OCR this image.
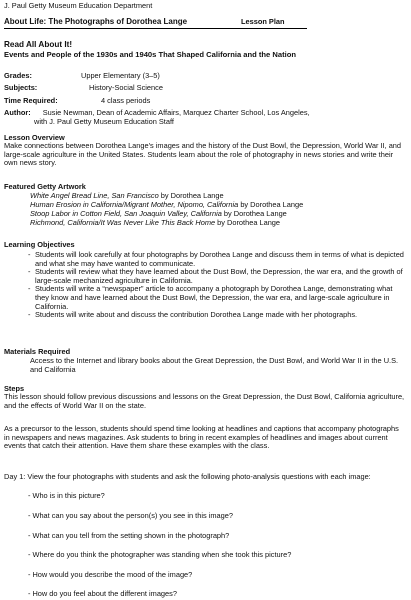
J. Paul Getty Museum Education Department
About Life: The Photographs of Dorothea Lange	Lesson Plan
Read All About It!
Events and People of the 1930s and 1940s That Shaped California and the Nation
Grades:	Upper Elementary (3–5)
Subjects:	History-Social Science
Time Required:	4 class periods
Author: Susie Newman, Dean of Academic Affairs, Marquez Charter School, Los Angeles,
with J. Paul Getty Museum Education Staff
Lesson Overview
Make connections between Dorothea Lange's images and the history of the Dust Bowl, the Depression, World War II, and large-scale agriculture in the United States. Students learn about the role of photography in news stories and write their own news story.
Featured Getty Artwork
White Angel Bread Line, San Francisco by Dorothea Lange
Human Erosion in California/Migrant Mother, Nipomo, California by Dorothea Lange
Stoop Labor in Cotton Field, San Joaquin Valley, California by Dorothea Lange
Richmond, California/It Was Never Like This Back Home by Dorothea Lange
Learning Objectives
- Students will look carefully at four photographs by Dorothea Lange and discuss them in terms of what is depicted and what she may have wanted to communicate.
- Students will review what they have learned about the Dust Bowl, the Depression, the war era, and the growth of large-scale mechanized agriculture in California.
- Students will write a “newspaper” article to accompany a photograph by Dorothea Lange, demonstrating what they know and have learned about the Dust Bowl, the Depression, the war era, and large-scale agriculture in California.
- Students will write about and discuss the contribution Dorothea Lange made with her photographs.
Materials Required
Access to the Internet and library books about the Great Depression, the Dust Bowl, and World War II in the U.S. and California
Steps
This lesson should follow previous discussions and lessons on the Great Depression, the Dust Bowl, California agriculture, and the effects of World War II on the state.
As a precursor to the lesson, students should spend time looking at headlines and captions that accompany photographs in newspapers and news magazines. Ask students to bring in recent examples of headlines and images about current events that catch their attention. Have them share these examples with the class.
Day 1: View the four photographs with students and ask the following photo-analysis questions with each image:
- Who is in this picture?
- What can you say about the person(s) you see in this image?
- What can you tell from the setting shown in the photograph?
- Where do you think the photographer was standing when she took this picture?
- How would you describe the mood of the image?
- How do you feel about the different images?
